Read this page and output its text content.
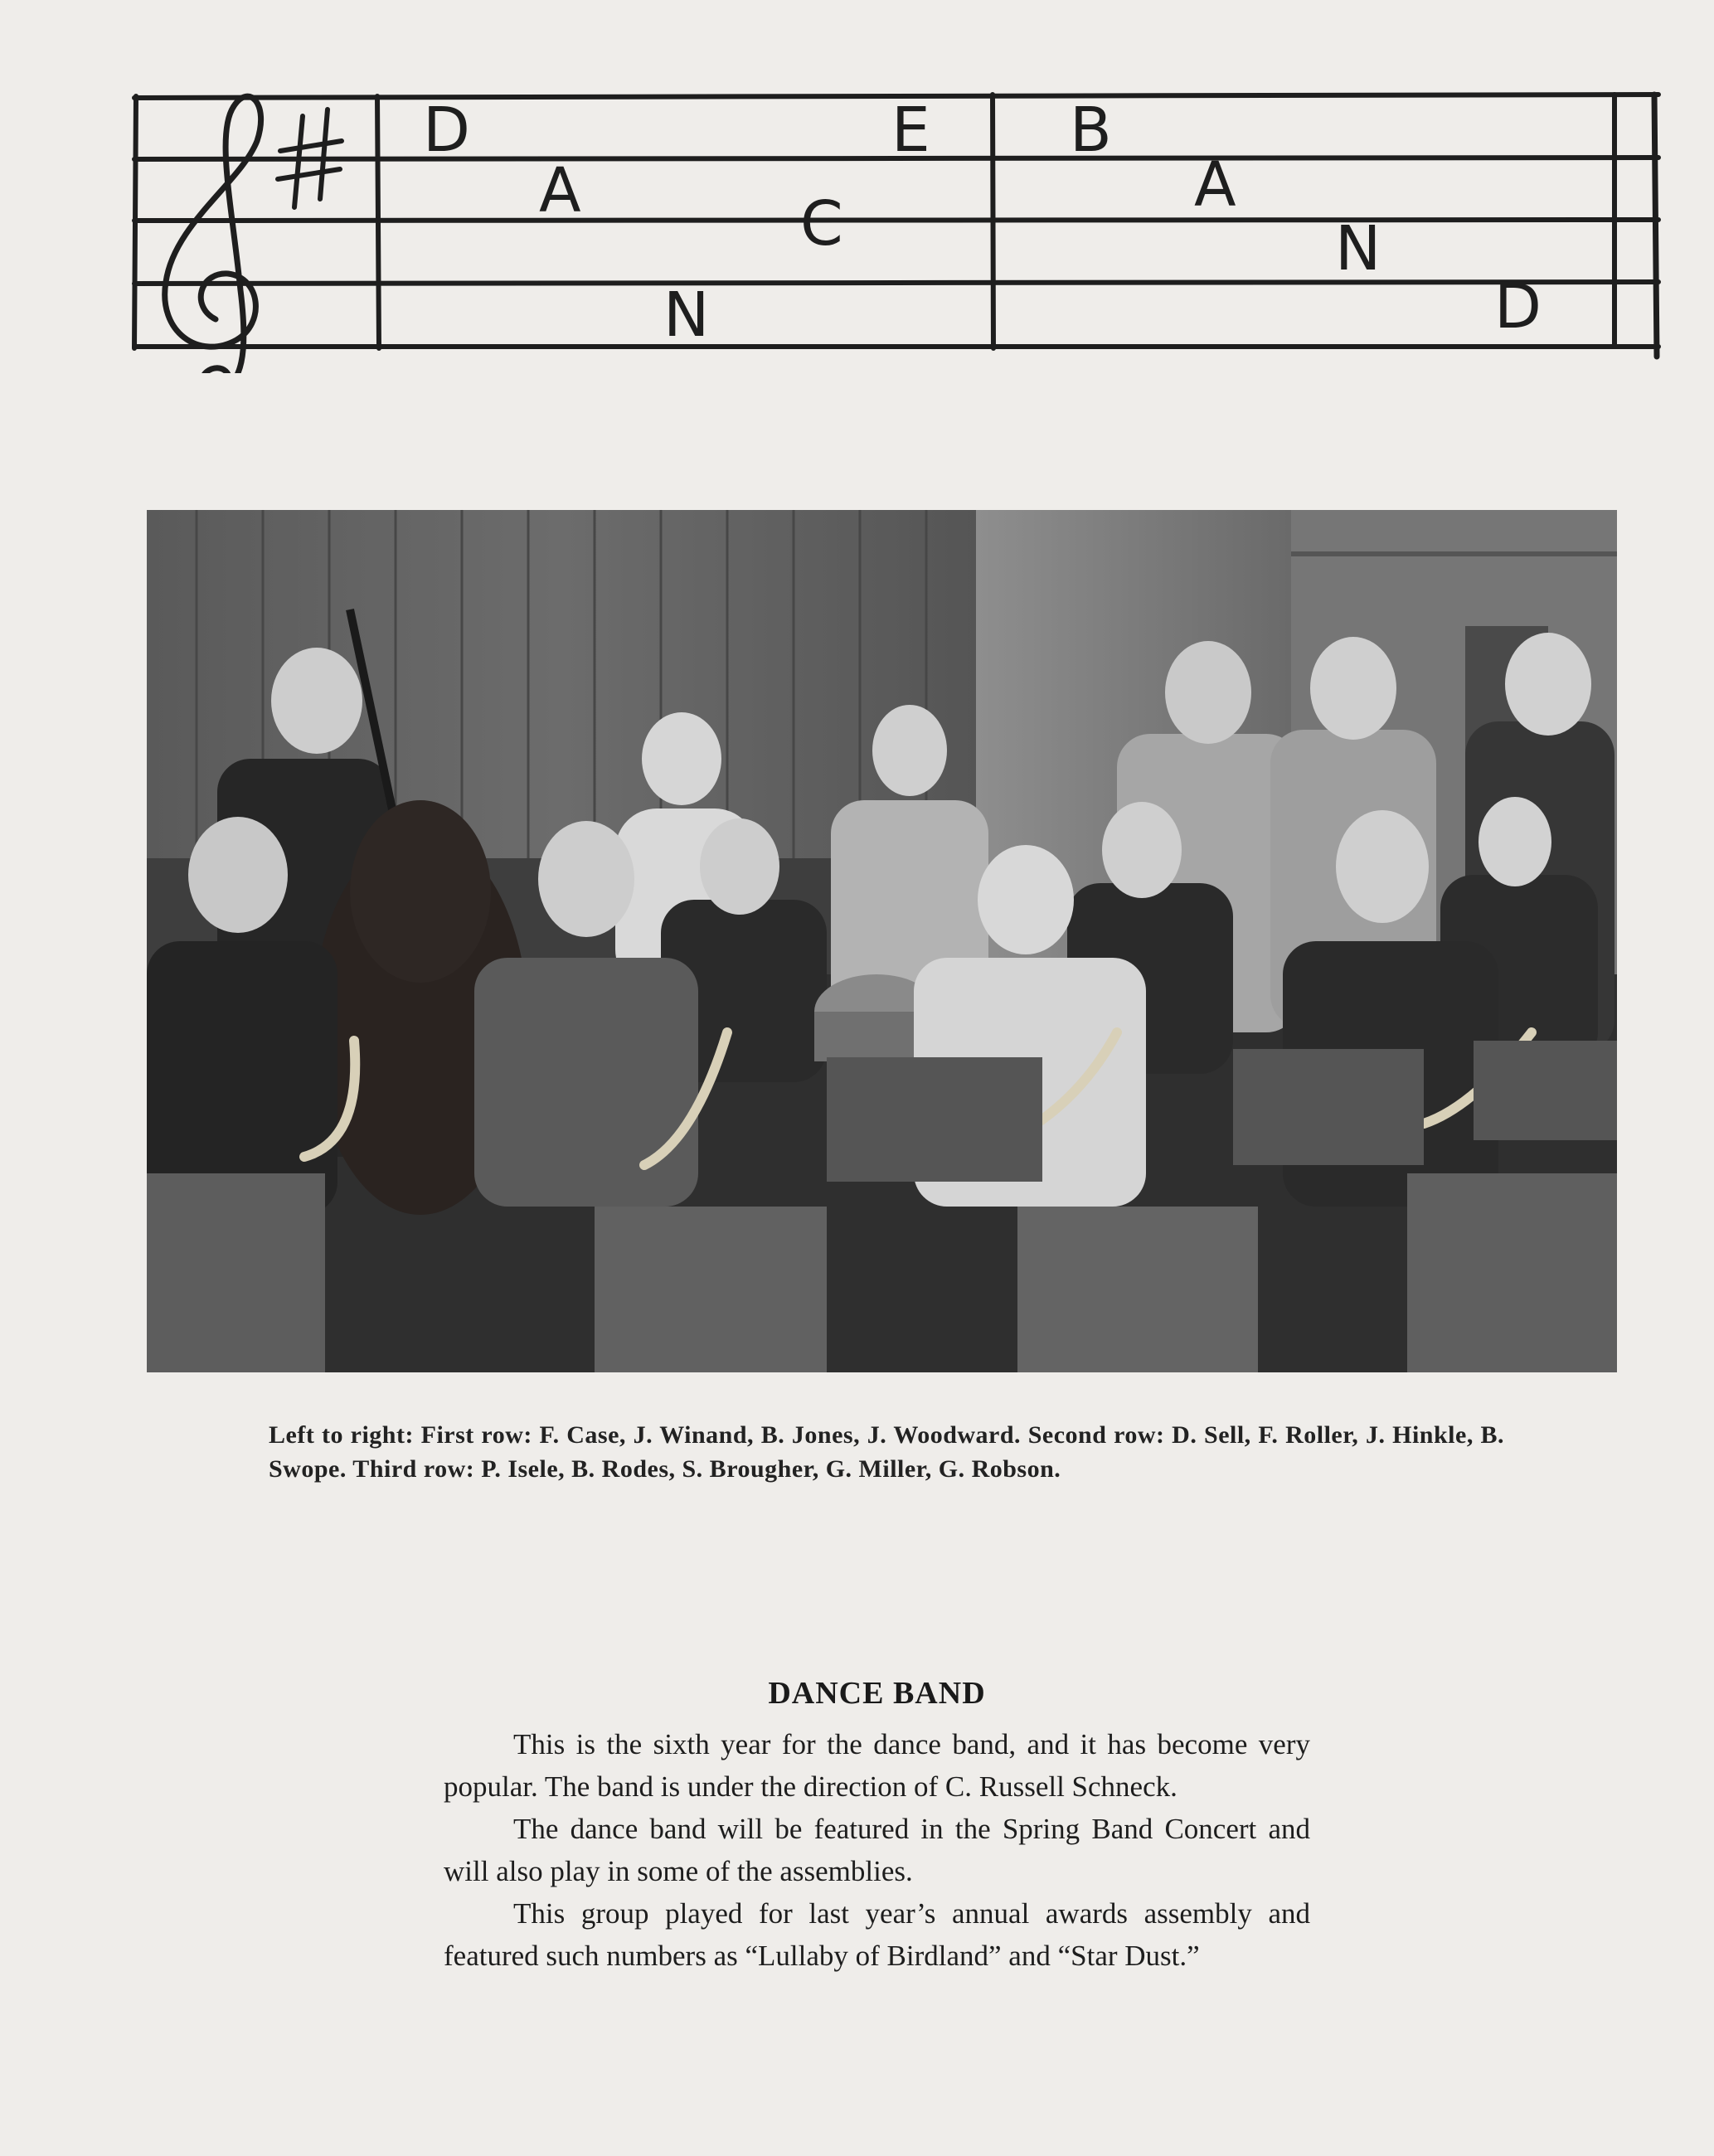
D
A
N
C
E B
A
N
D

Left to right: First row: F. Case, J. Winand, B. Jones, J. Woodward. Second row: D. Sell, F. Roller, J. Hinkle, B. Swope. Third row: P. Isele, B. Rodes, S. Brougher, G. Miller, G. Robson.

DANCE BAND

This is the sixth year for the dance band, and it has become very popular. The band is under the direction of C. Russell Schneck.

The dance band will be featured in the Spring Band Concert and will also play in some of the assemblies.

This group played for last year’s annual awards assembly and featured such numbers as “Lullaby of Birdland” and “Star Dust.”
